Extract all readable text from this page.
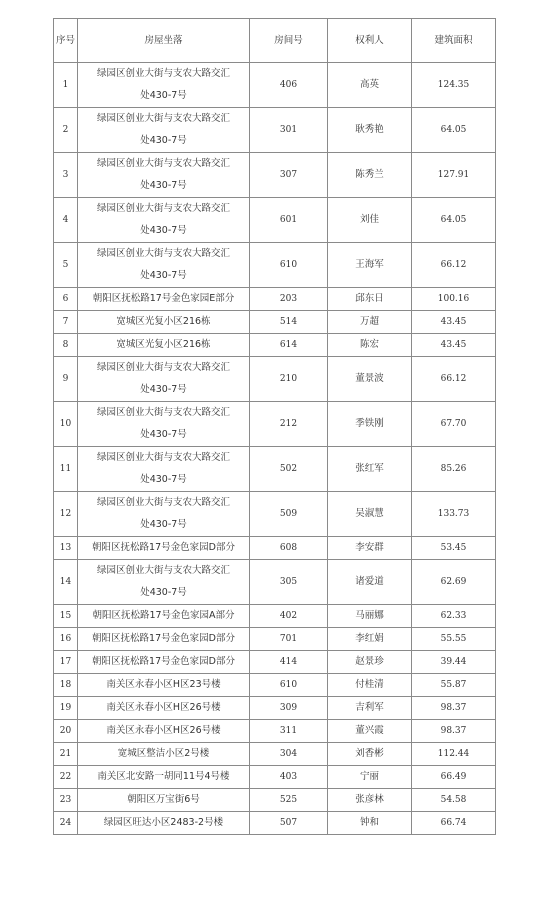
序号	房屋坐落	房间号	权利人	建筑面积
1	绿园区创业大街与支农大路交汇
处430-7号	406	高英	124.35
2	绿园区创业大街与支农大路交汇
处430-7号	301	耿秀艳	64.05
3	绿园区创业大街与支农大路交汇
处430-7号	307	陈秀兰	127.91
4	绿园区创业大街与支农大路交汇
处430-7号	601	刘佳	64.05
5	绿园区创业大街与支农大路交汇
处430-7号	610	王海军	66.12
6	朝阳区抚松路17号金色家园E部分	203	邱东日	100.16
7	宽城区光复小区216栋	514	万超	43.45
8	宽城区光复小区216栋	614	陈宏	43.45
9	绿园区创业大街与支农大路交汇
处430-7号	210	董景波	66.12
10	绿园区创业大街与支农大路交汇
处430-7号	212	季铁刚	67.70
11	绿园区创业大街与支农大路交汇
处430-7号	502	张红军	85.26
12	绿园区创业大街与支农大路交汇
处430-7号	509	吴淑慧	133.73
13	朝阳区抚松路17号金色家园D部分	608	李安群	53.45
14	绿园区创业大街与支农大路交汇
处430-7号	305	诸爱道	62.69
15	朝阳区抚松路17号金色家园A部分	402	马丽娜	62.33
16	朝阳区抚松路17号金色家园D部分	701	李红娟	55.55
17	朝阳区抚松路17号金色家园D部分	414	赵景珍	39.44
18	南关区永春小区H区23号楼	610	付桂清	55.87
19	南关区永春小区H区26号楼	309	吉利军	98.37
20	南关区永春小区H区26号楼	311	董兴霞	98.37
21	宽城区整洁小区2号楼	304	刘香彬	112.44
22	南关区北安路一胡同11号4号楼	403	宁丽	66.49
23	朝阳区万宝街6号	525	张彦林	54.58
24	绿园区旺达小区2483-2号楼	507	钟和	66.74
